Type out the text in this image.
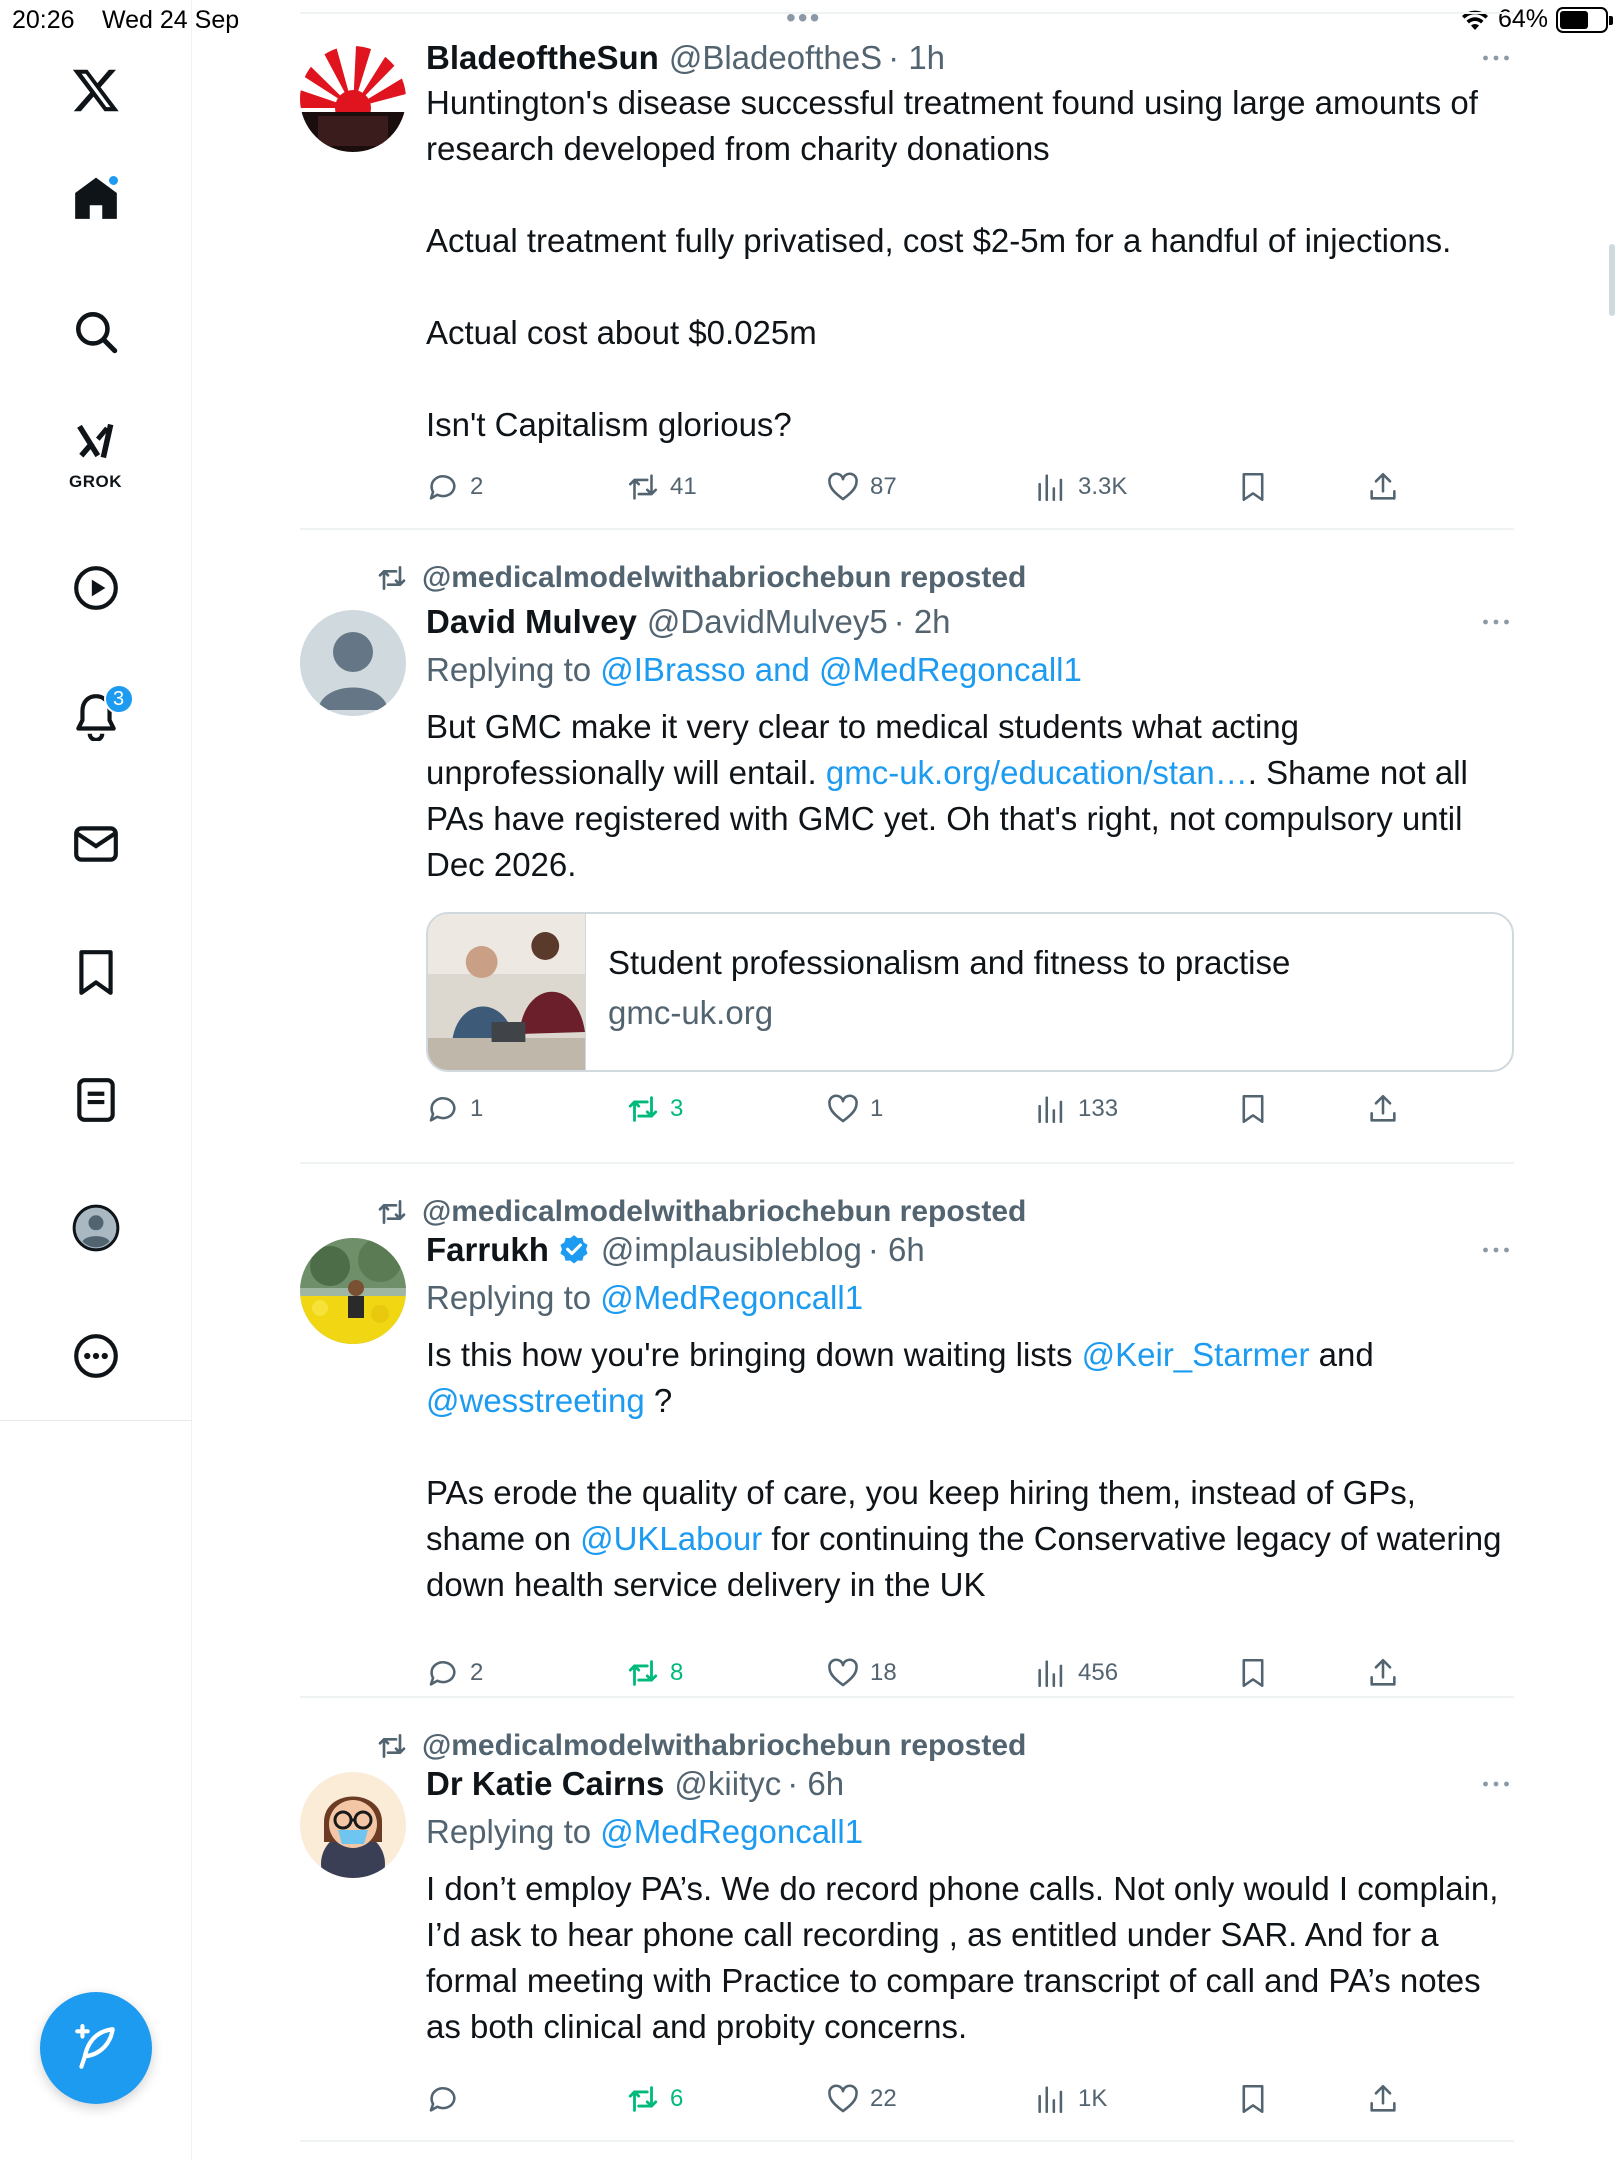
20:26 Wed 24 Sep	•••	64%
GROK
3
BladeoftheSun @BladeoftheS · 1h
Huntington's disease successful treatment found using large amounts of research developed from charity donations

Actual treatment fully privatised, cost $2-5m for a handful of injections.

Actual cost about $0.025m

Isn't Capitalism glorious?
2	41	87	3.3K
@medicalmodelwithabriochebun reposted
David Mulvey @DavidMulvey5 · 2h
Replying to @IBrasso and @MedRegoncall1
But GMC make it very clear to medical students what acting unprofessionally will entail. gmc-uk.org/education/stan…. Shame not all PAs have registered with GMC yet. Oh that's right, not compulsory until Dec 2026.
Student professionalism and fitness to practise
gmc-uk.org
1	3	1	133
@medicalmodelwithabriochebun reposted
Farrukh @implausibleblog · 6h
Replying to @MedRegoncall1
Is this how you're bringing down waiting lists @Keir_Starmer and @wesstreeting ?

PAs erode the quality of care, you keep hiring them, instead of GPs, shame on @UKLabour for continuing the Conservative legacy of watering down health service delivery in the UK
2	8	18	456
@medicalmodelwithabriochebun reposted
Dr Katie Cairns @kiityc · 6h
Replying to @MedRegoncall1
I don’t employ PA’s. We do record phone calls. Not only would I complain, I’d ask to hear phone call recording , as entitled under SAR. And for a formal meeting with Practice to compare transcript of call and PA’s notes as both clinical and probity concerns.
6	22	1K
